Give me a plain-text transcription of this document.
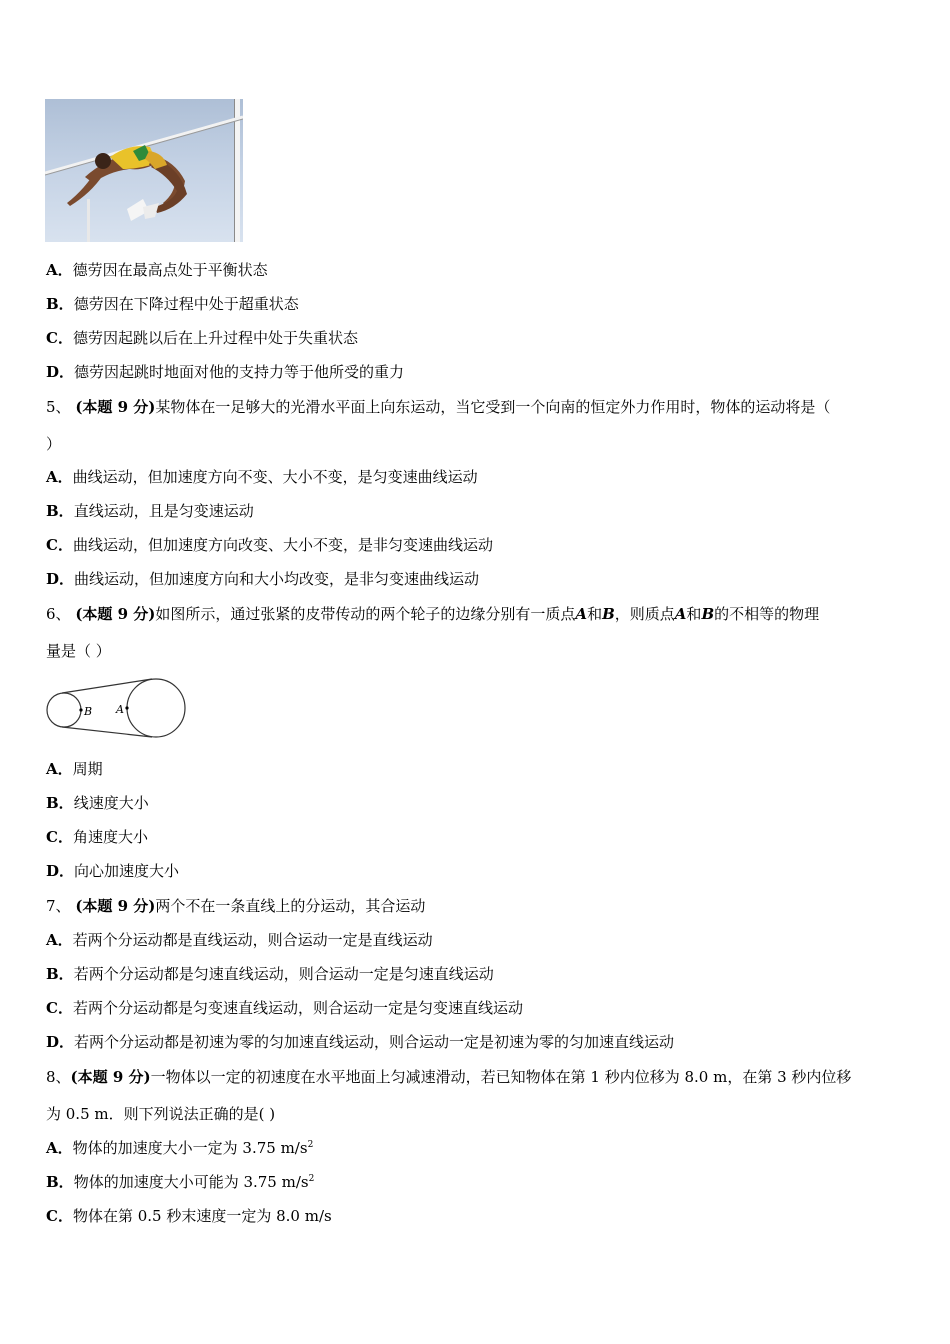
A．德劳因在最高点处于平衡状态
B．德劳因在下降过程中处于超重状态
C．德劳因起跳以后在上升过程中处于失重状态
D．德劳因起跳时地面对他的支持力等于他所受的重力
5、 (本题 9 分)某物体在一足够大的光滑水平面上向东运动，当它受到一个向南的恒定外力作用时，物体的运动将是（
）
A．曲线运动，但加速度方向不变、大小不变，是匀变速曲线运动
B．直线运动，且是匀变速运动
C．曲线运动，但加速度方向改变、大小不变，是非匀变速曲线运动
D．曲线运动，但加速度方向和大小均改变，是非匀变速曲线运动
6、 (本题 9 分)如图所示，通过张紧的皮带传动的两个轮子的边缘分别有一质点A和B，则质点A和B的不相等的物理
量是（ ）
B A
A．周期
B．线速度大小
C．角速度大小
D．向心加速度大小
7、 (本题 9 分)两个不在一条直线上的分运动，其合运动
A．若两个分运动都是直线运动，则合运动一定是直线运动
B．若两个分运动都是匀速直线运动，则合运动一定是匀速直线运动
C．若两个分运动都是匀变速直线运动，则合运动一定是匀变速直线运动
D．若两个分运动都是初速为零的匀加速直线运动，则合运动一定是初速为零的匀加速直线运动
8、(本题 9 分)一物体以一定的初速度在水平地面上匀减速滑动，若已知物体在第 1 秒内位移为 8.0 m，在第 3 秒内位移
为 0.5 m．则下列说法正确的是( )
A．物体的加速度大小一定为 3.75 $m/s^2$
B．物体的加速度大小可能为 3.75 $m/s^2$
C．物体在第 0.5 秒末速度一定为 8.0 m/s
